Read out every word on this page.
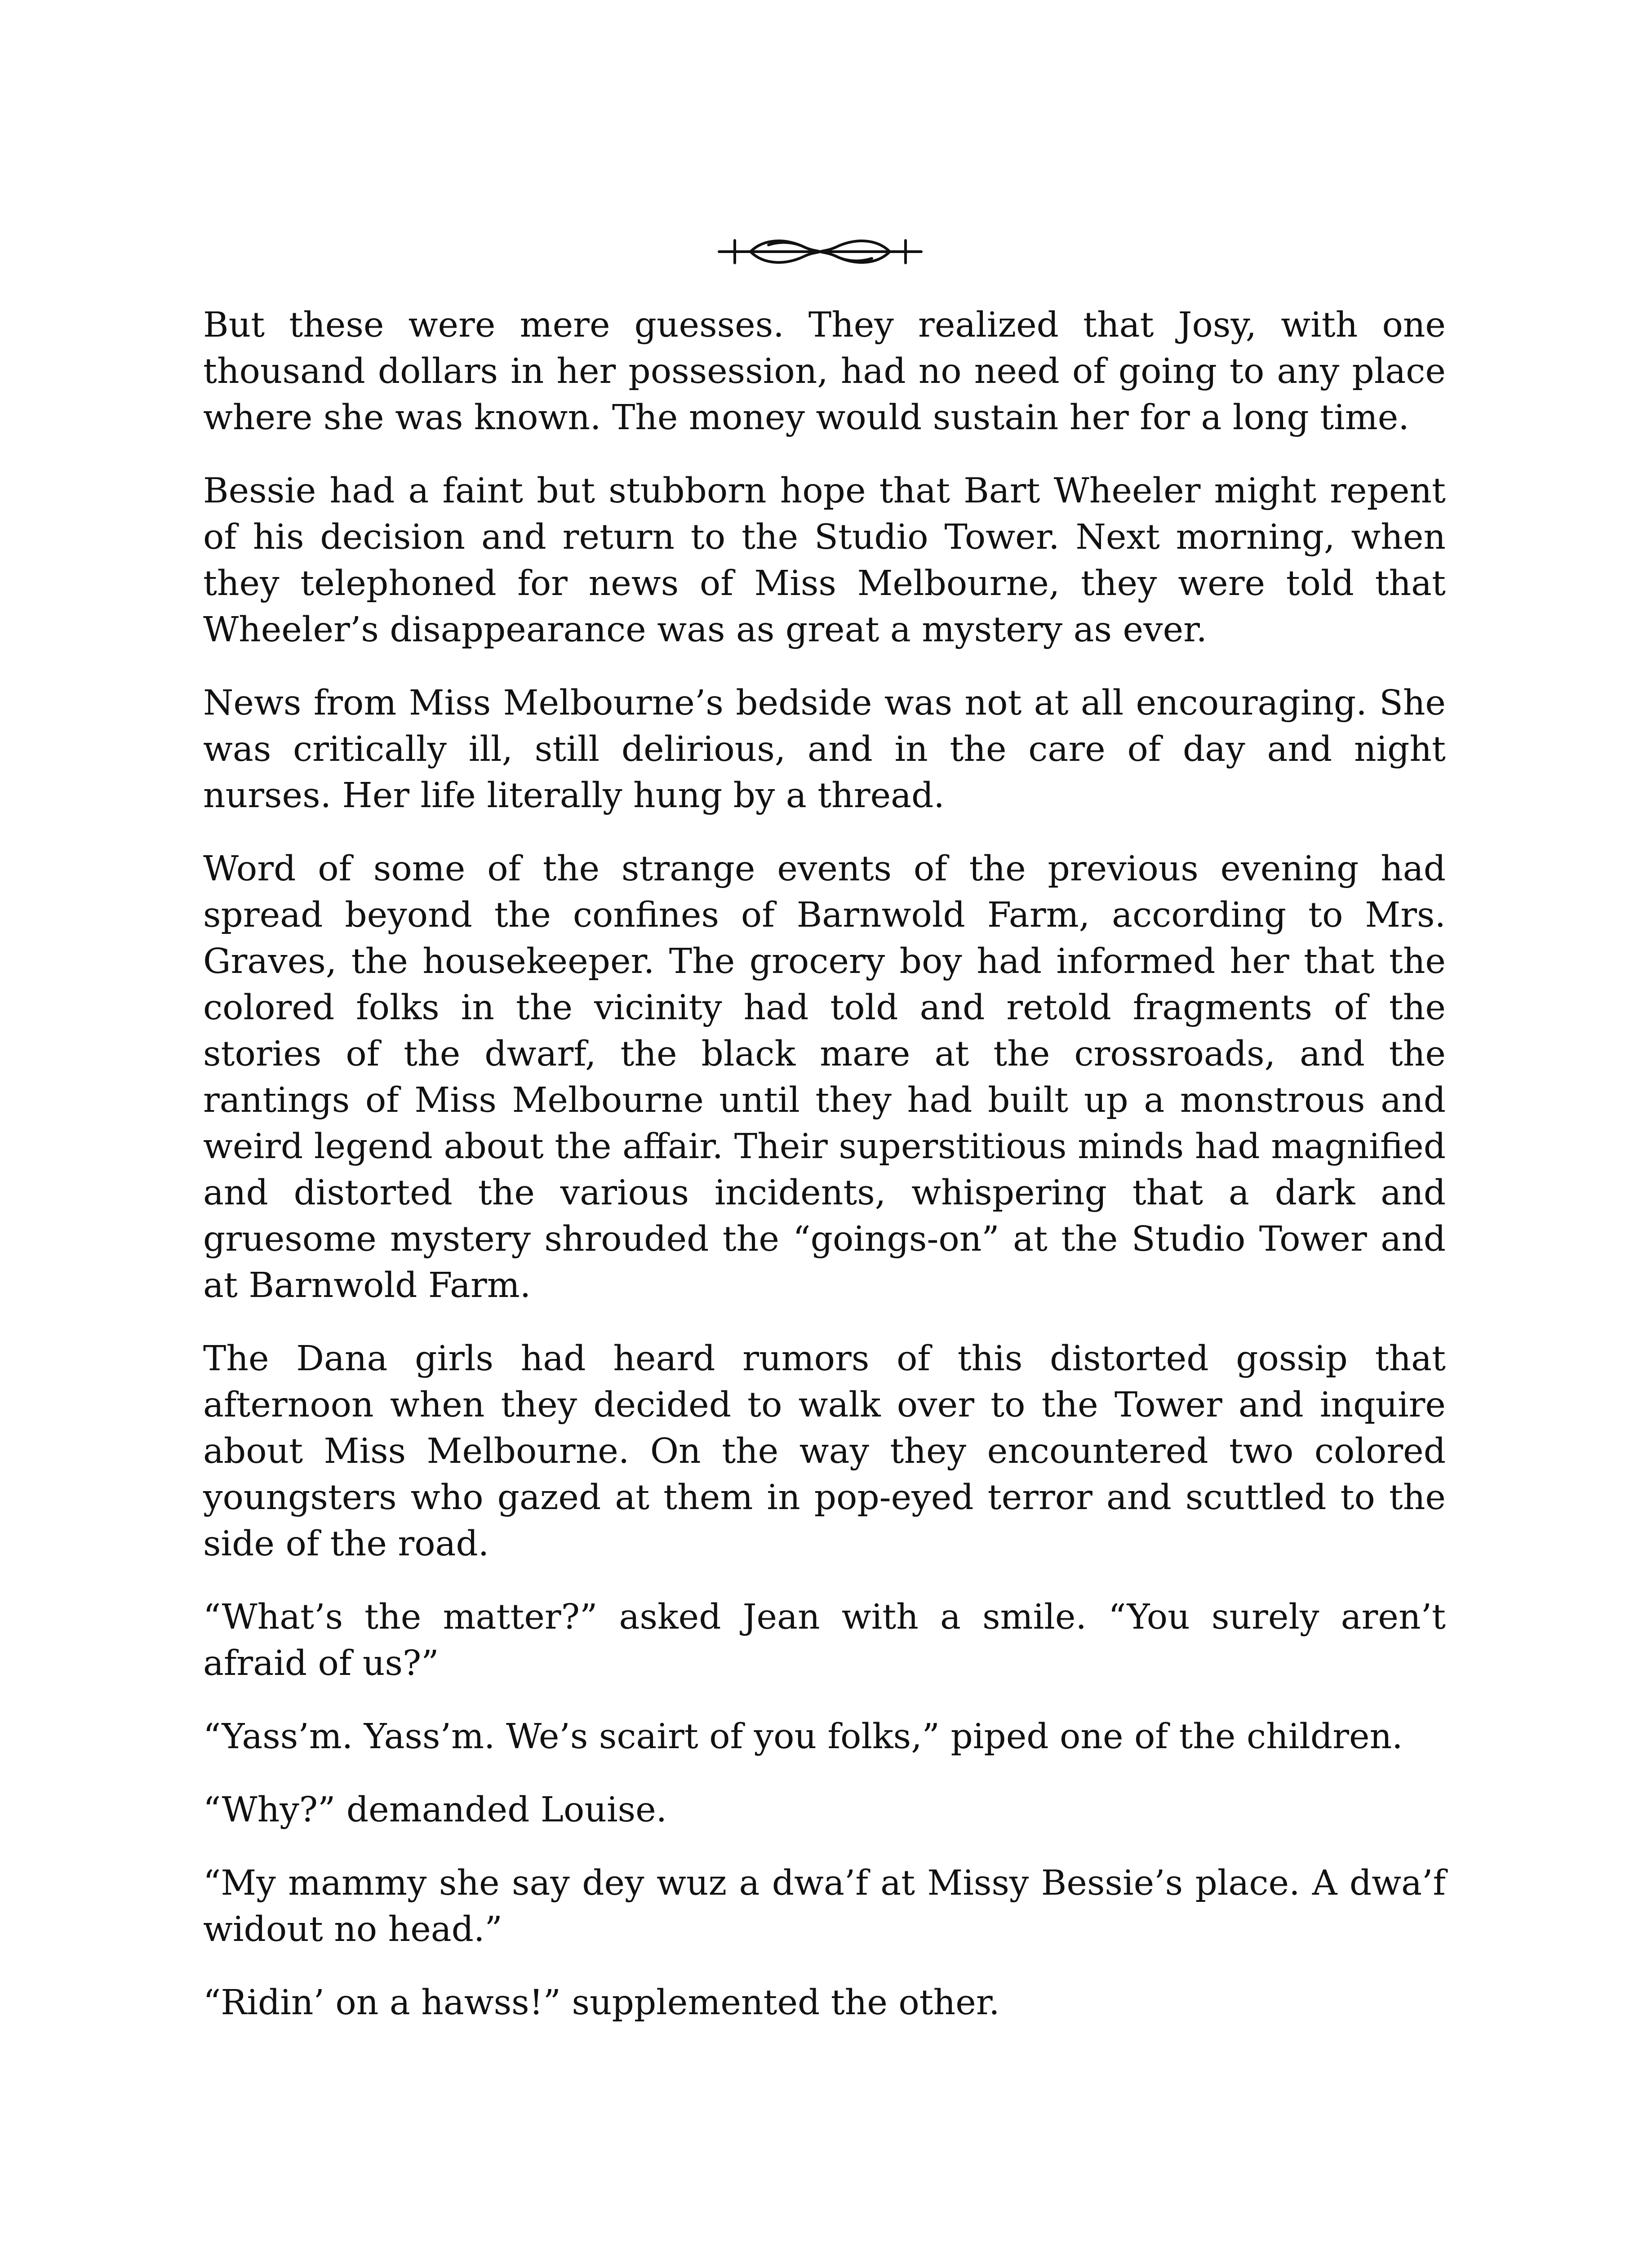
But these were mere guesses. They realized that Josy, with one thousand dollars in her possession, had no need of going to any place where she was known. The money would sustain her for a long time.

Bessie had a faint but stubborn hope that Bart Wheeler might repent of his decision and return to the Studio Tower. Next morning, when they telephoned for news of Miss Melbourne, they were told that Wheeler’s disappearance was as great a mystery as ever.

News from Miss Melbourne’s bedside was not at all encouraging. She was critically ill, still delirious, and in the care of day and night nurses. Her life literally hung by a thread.

Word of some of the strange events of the previous evening had spread beyond the confines of Barnwold Farm, according to Mrs. Graves, the housekeeper. The grocery boy had informed her that the colored folks in the vicinity had told and retold fragments of the stories of the dwarf, the black mare at the crossroads, and the rantings of Miss Melbourne until they had built up a monstrous and weird legend about the affair. Their superstitious minds had magnified and distorted the various incidents, whispering that a dark and gruesome mystery shrouded the “goings-on” at the Studio Tower and at Barnwold Farm.

The Dana girls had heard rumors of this distorted gossip that afternoon when they decided to walk over to the Tower and inquire about Miss Melbourne. On the way they encountered two colored youngsters who gazed at them in pop-eyed terror and scuttled to the side of the road.

“What’s the matter?” asked Jean with a smile. “You surely aren’t afraid of us?”

“Yass’m. Yass’m. We’s scairt of you folks,” piped one of the children.

“Why?” demanded Louise.

“My mammy she say dey wuz a dwa’f at Missy Bessie’s place. A dwa’f widout no head.”

“Ridin’ on a hawss!” supplemented the other.
